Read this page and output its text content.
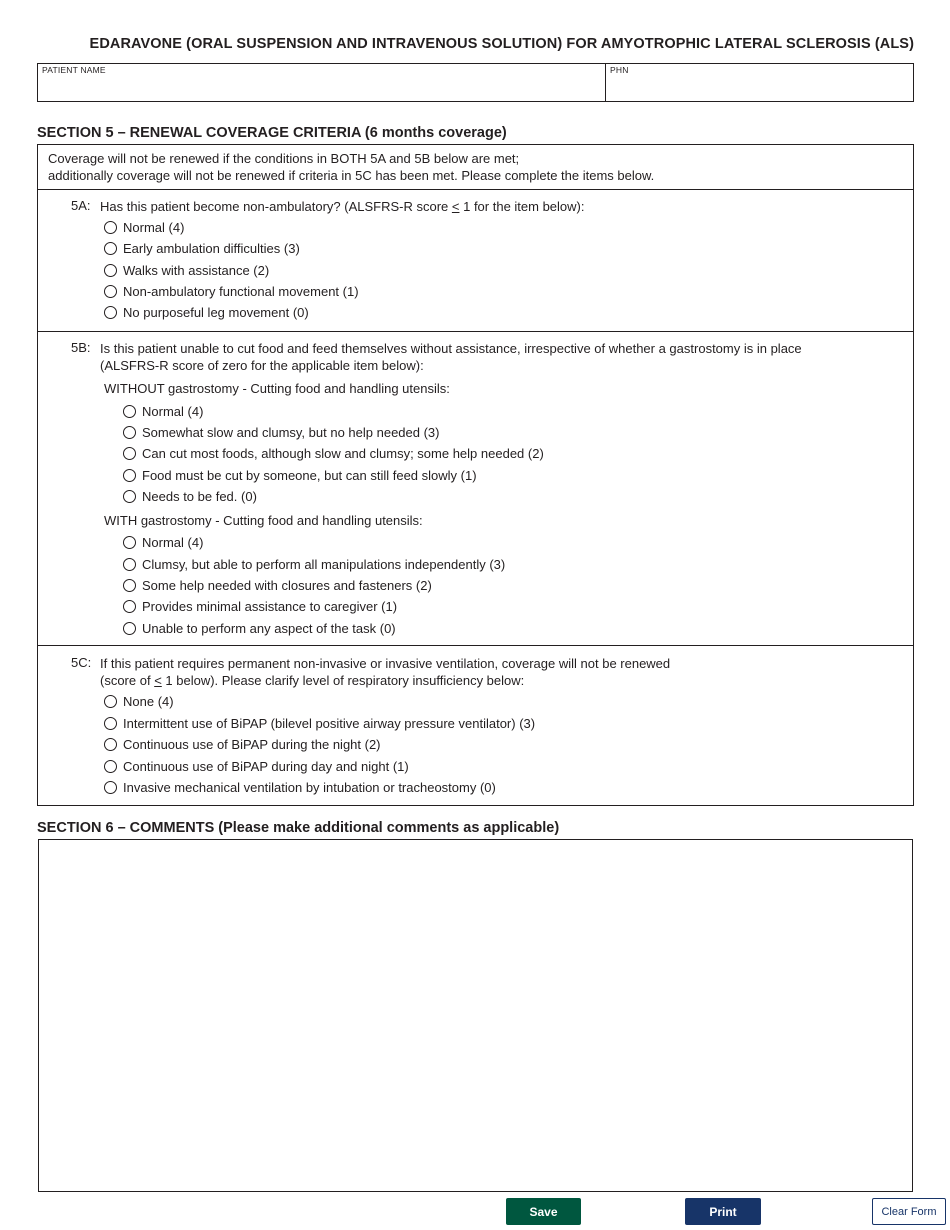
EDARAVONE (ORAL SUSPENSION AND INTRAVENOUS SOLUTION) FOR AMYOTROPHIC LATERAL SCLEROSIS (ALS)
PATIENT NAME	PHN
SECTION 5 – RENEWAL COVERAGE CRITERIA (6 months coverage)
Coverage will not be renewed if the conditions in BOTH 5A and 5B below are met;
additionally coverage will not be renewed if criteria in 5C has been met. Please complete the items below.
5A: Has this patient become non-ambulatory? (ALSFRS-R score < 1 for the item below):
Normal (4)
Early ambulation difficulties (3)
Walks with assistance (2)
Non-ambulatory functional movement (1)
No purposeful leg movement (0)
5B: Is this patient unable to cut food and feed themselves without assistance, irrespective of whether a gastrostomy is in place
(ALSFRS-R score of zero for the applicable item below):
WITHOUT gastrostomy - Cutting food and handling utensils:
Normal (4)
Somewhat slow and clumsy, but no help needed (3)
Can cut most foods, although slow and clumsy; some help needed (2)
Food must be cut by someone, but can still feed slowly (1)
Needs to be fed. (0)
WITH gastrostomy - Cutting food and handling utensils:
Normal (4)
Clumsy, but able to perform all manipulations independently (3)
Some help needed with closures and fasteners (2)
Provides minimal assistance to caregiver (1)
Unable to perform any aspect of the task (0)
5C: If this patient requires permanent non-invasive or invasive ventilation, coverage will not be renewed
(score of < 1 below). Please clarify level of respiratory insufficiency below:
None (4)
Intermittent use of BiPAP (bilevel positive airway pressure ventilator) (3)
Continuous use of BiPAP during the night (2)
Continuous use of BiPAP during day and night (1)
Invasive mechanical ventilation by intubation or tracheostomy (0)
SECTION 6 – COMMENTS (Please make additional comments as applicable)
Save	Print	Clear Form
